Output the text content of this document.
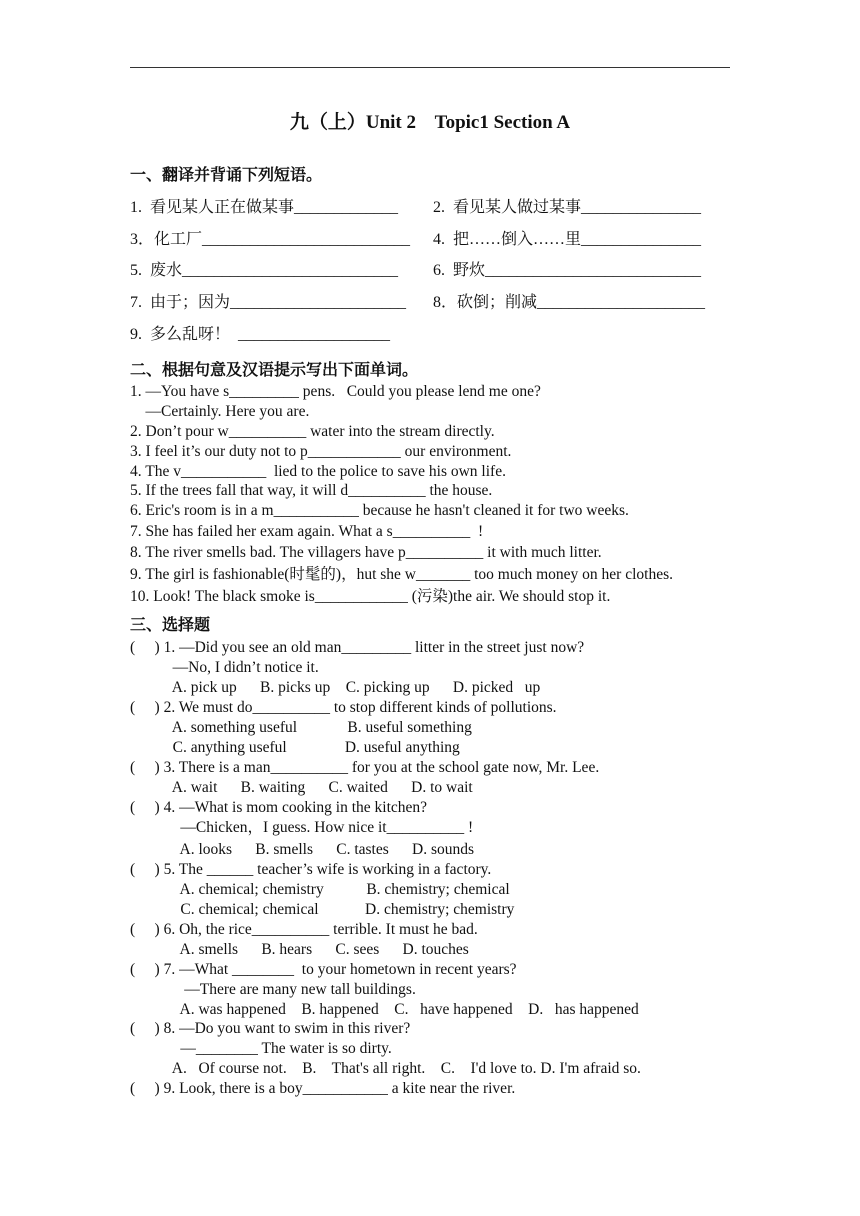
九（上）Unit 2    Topic1 Section A
一、翻译并背诵下列短语。
1.  看见某人正在做某事_____________ 2.  看见某人做过某事_______________
3．化工厂__________________________ 4.  把……倒入……里_______________
5.  废水___________________________ 6.  野炊___________________________
7.  由于；因为______________________ 8．砍倒；削减_____________________
9.  多么乱呀！  ___________________
二、根据句意及汉语提示写出下面单词。
1. —You have s_________ pens.   Could you please lend me one?
—Certainly. Here you are.
2. Don’t pour w__________ water into the stream directly.
3. I feel it’s our duty not to p____________ our environment.
4. The v___________  lied to the police to save his own life.
5. If the trees fall that way, it will d__________ the house.
6. Eric's room is in a m___________ because he hasn't cleaned it for two weeks.
7. She has failed her exam again. What a s__________  !
8. The river smells bad. The villagers have p__________ it with much litter.
9. The girl is fashionable(时髦的)，hut she w_______ too much money on her clothes.
10. Look! The black smoke is____________ (污染)the air. We should stop it.
三、选择题
(     ) 1. —Did you see an old man_________ litter in the street just now?
—No, I didn’t notice it.
A. pick up      B. picks up    C. picking up      D. picked   up
(     ) 2. We must do__________ to stop different kinds of pollutions.
A. something useful             B. useful something
C. anything useful               D. useful anything
(     ) 3. There is a man__________ for you at the school gate now, Mr. Lee.
A. wait      B. waiting      C. waited      D. to wait
(     ) 4. —What is mom cooking in the kitchen?
—Chicken，I guess. How nice it__________ !
A. looks      B. smells      C. tastes      D. sounds
(     ) 5. The ______ teacher’s wife is working in a factory.
A. chemical; chemistry           B. chemistry; chemical
C. chemical; chemical            D. chemistry; chemistry
(     ) 6. Oh, the rice__________ terrible. It must he bad.
A. smells      B. hears      C. sees      D. touches
(     ) 7. ―What ________  to your hometown in recent years?
―There are many new tall buildings.
A. was happened    B. happened    C.   have happened    D.   has happened
(     ) 8. ―Do you want to swim in this river?
―________ The water is so dirty.
A.   Of course not.    B.    That's all right.    C.    I'd love to. D. I'm afraid so.
(     ) 9. Look, there is a boy___________ a kite near the river.
